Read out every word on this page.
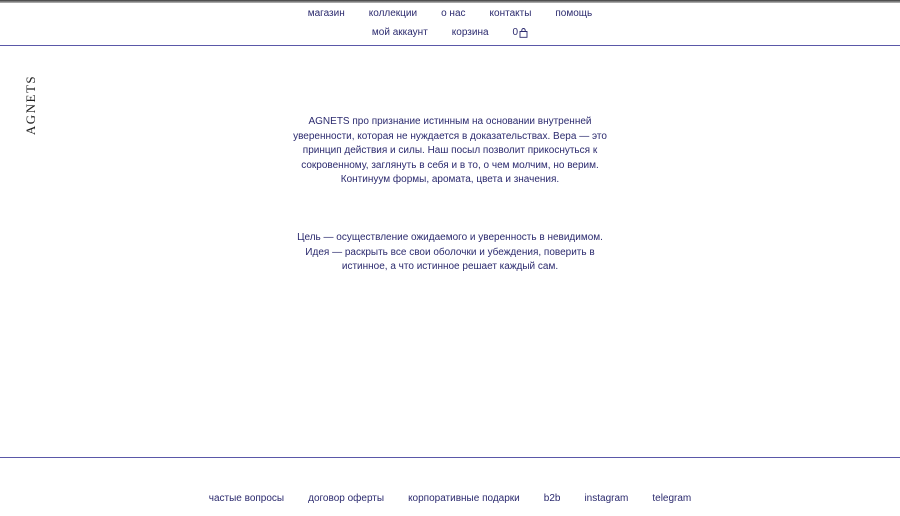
магазин коллекции о нас контакты помощь
мой аккаунт корзина 0
AGNETS	AGNETS про признание истинным на основании внутренней уверенности, которая не нуждается в доказательствах. Вера — это принцип действия и силы. Наш посыл позволит прикоснуться к сокровенному, заглянуть в себя и в то, о чем молчим, но верим. Континуум формы, аромата, цвета и значения.

Цель — осуществление ожидаемого и уверенность в невидимом. Идея — раскрыть все свои оболочки и убеждения, поверить в истинное, а что истинное решает каждый сам.

частые вопросы договор оферты корпоративные подарки b2b instagram telegram
